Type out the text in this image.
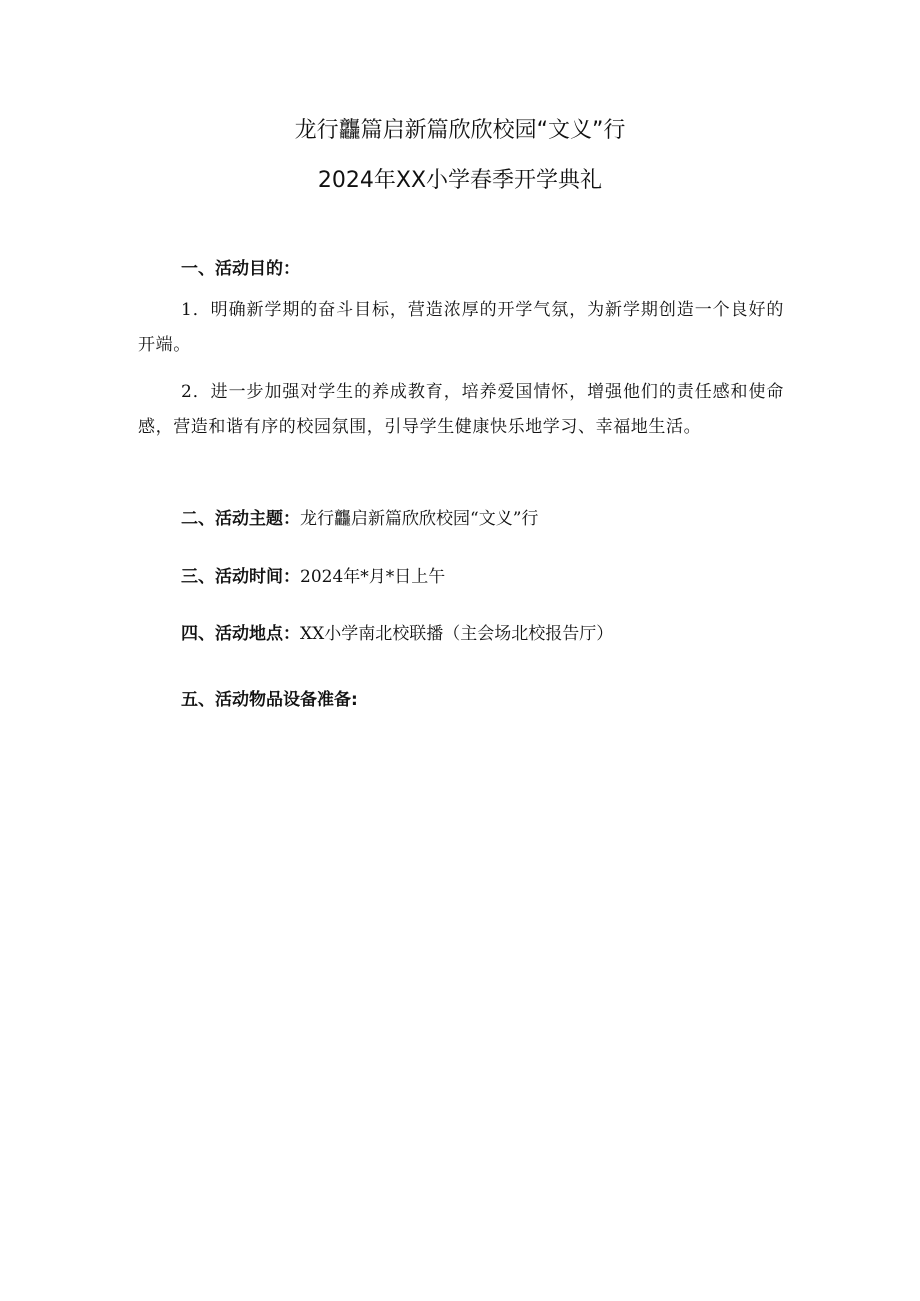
龙行龘篇启新篇欣欣校园“文义”行
2024年XX小学春季开学典礼
一、活动目的：
1．明确新学期的奋斗目标，营造浓厚的开学气氛，为新学期创造一个良好的开端。
2．进一步加强对学生的养成教育，培养爱国情怀，增强他们的责任感和使命感，营造和谐有序的校园氛围，引导学生健康快乐地学习、幸福地生活。
二、活动主题：龙行龘启新篇欣欣校园“文义”行
三、活动时间：2024年*月*日上午
四、活动地点：XX小学南北校联播（主会场北校报告厅）
五、活动物品设备准备:
